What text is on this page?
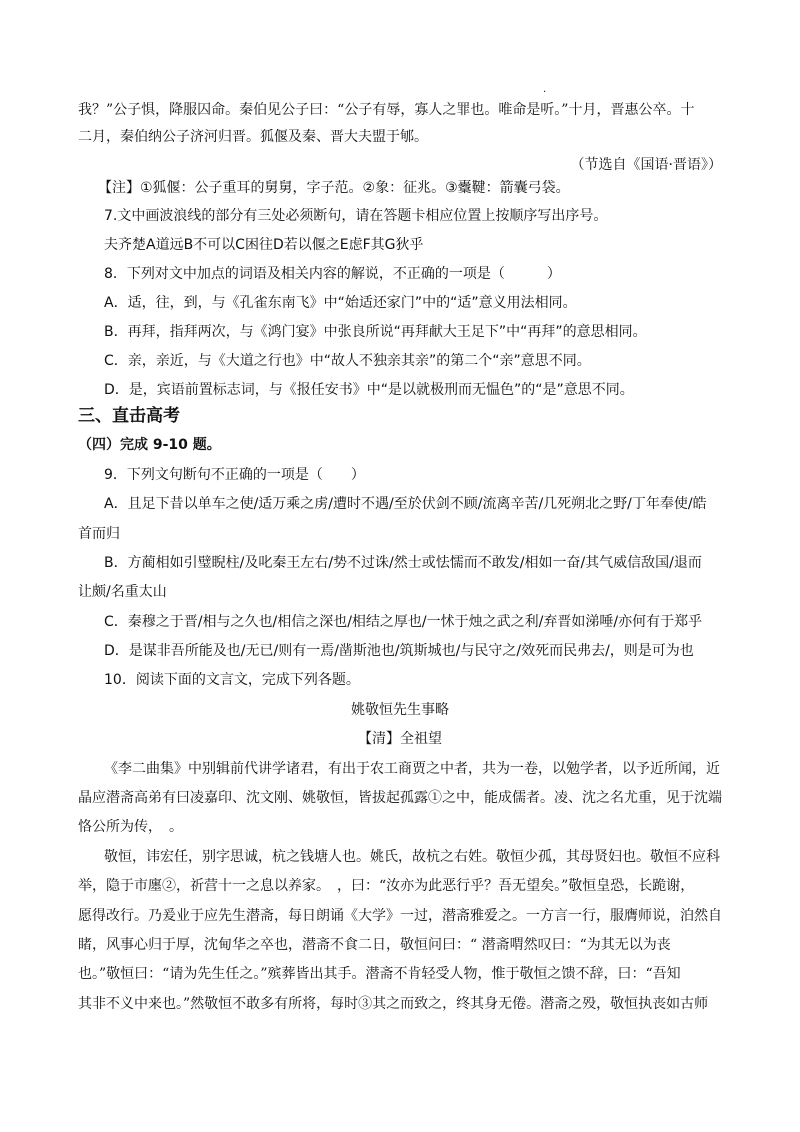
我？”公子惧，降服囚命。秦伯见公子曰：“公子有辱，寡人之罪也。唯命是听。”十月，晋惠公卒。十
·
二月，秦伯纳公子济河归晋。狐偃及秦、晋大夫盟于郇。
（节选自《国语·晋语》）
【注】①狐偃：公子重耳的舅舅，字子范。②象：征兆。③櫜鞬：箭囊弓袋。
7.文中画波浪线的部分有三处必须断句，请在答题卡相应位置上按顺序写出序号。
夫齐楚A道远B不可以C困往D若以偃之E虑F其G狄乎
8．下列对文中加点的词语及相关内容的解说，不正确的一项是（　　　）
A．适，往，到，与《孔雀东南飞》中“始适还家门”中的“适”意义用法相同。
B．再拜，指拜两次，与《鸿门宴》中张良所说“再拜献大王足下”中“再拜”的意思相同。
C．亲，亲近，与《大道之行也》中“故人不独亲其亲”的第二个“亲”意思不同。
D．是，宾语前置标志词，与《报任安书》中“是以就极刑而无愠色”的“是”意思不同。
三、直击高考
（四）完成 9-10 题。
9．下列文句断句不正确的一项是（　　）
A．且足下昔以单车之使/适万乘之虏/遭时不遇/至於伏剑不顾/流离辛苦/几死朔北之野/丁年奉使/皓
首而归
B．方蔺相如引璧睨柱/及叱秦王左右/势不过诛/然士或怯懦而不敢发/相如一奋/其气威信敌国/退而
让颇/名重太山
C．秦穆之于晋/相与之久也/相信之深也/相结之厚也/一怵于烛之武之利/弃晋如涕唾/亦何有于郑乎
D．是谋非吾所能及也/无已/则有一焉/凿斯池也/筑斯城也/与民守之/效死而民弗去/，则是可为也
10．阅读下面的文言文，完成下列各题。
姚敬恒先生事略
【清】全祖望
《李二曲集》中别辑前代讲学诸君，有出于农工商贾之中者，共为一卷，以勉学者，以予近所闻，近
晶应潜斋高弟有曰凌嘉印、沈文刚、姚敬恒，皆拔起孤露①之中，能成儒者。凌、沈之名尤重，见于沈端
恪公所为传，　。
敬恒，讳宏任，别字思诚，杭之钱塘人也。姚氏，故杭之右姓。敬恒少孤，其母贤妇也。敬恒不应科
举，隐于市廛②，祈营十一之息以养家。　，曰：“汝亦为此恶行乎？吾无望矣。”敬恒皇恐，长跪谢，
愿得改行。乃爰业于应先生潜斋，每日朗诵《大学》一过，潜斋雅爱之。一方言一行，服膺师说，泊然自
睹，风事心归于厚，沈甸华之卒也，潜斋不食二日，敬恒问曰：“ 潜斋喟然叹曰：“为其无以为丧
也。”敬恒曰：“请为先生任之。”殡葬皆出其手。潜斋不肯轻受人物，惟于敬恒之馈不辞，曰：“吾知
其非不义中来也。”然敬恒不敢多有所将，每时③其之而致之，终其身无倦。潜斋之殁，敬恒执丧如古师
